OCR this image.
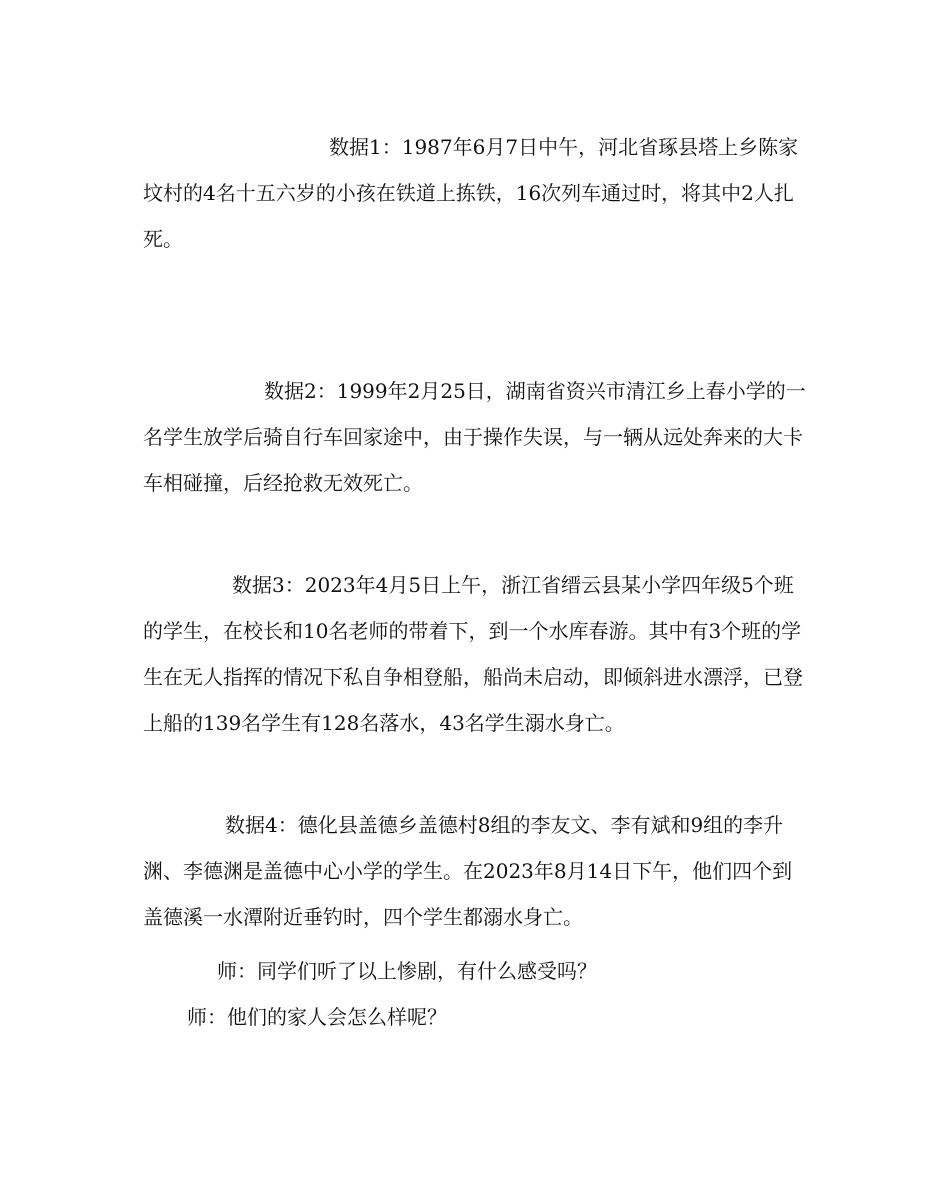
数据1：1987年6月7日中午，河北省琢县塔上乡陈家坟村的4名十五六岁的小孩在铁道上拣铁，16次列车通过时，将其中2人扎死。

数据2：1999年2月25日，湖南省资兴市清江乡上春小学的一名学生放学后骑自行车回家途中，由于操作失误，与一辆从远处奔来的大卡车相碰撞，后经抢救无效死亡。

数据3：2023年4月5日上午，浙江省缙云县某小学四年级5个班的学生，在校长和10名老师的带着下，到一个水库春游。其中有3个班的学生在无人指挥的情况下私自争相登船，船尚未启动，即倾斜进水漂浮，已登上船的139名学生有128名落水，43名学生溺水身亡。

数据4：德化县盖德乡盖德村8组的李友文、李有斌和9组的李升渊、李德渊是盖德中心小学的学生。在2023年8月14日下午，他们四个到盖德溪一水潭附近垂钓时，四个学生都溺水身亡。

师：同学们听了以上惨剧，有什么感受吗？

师：他们的家人会怎么样呢？
